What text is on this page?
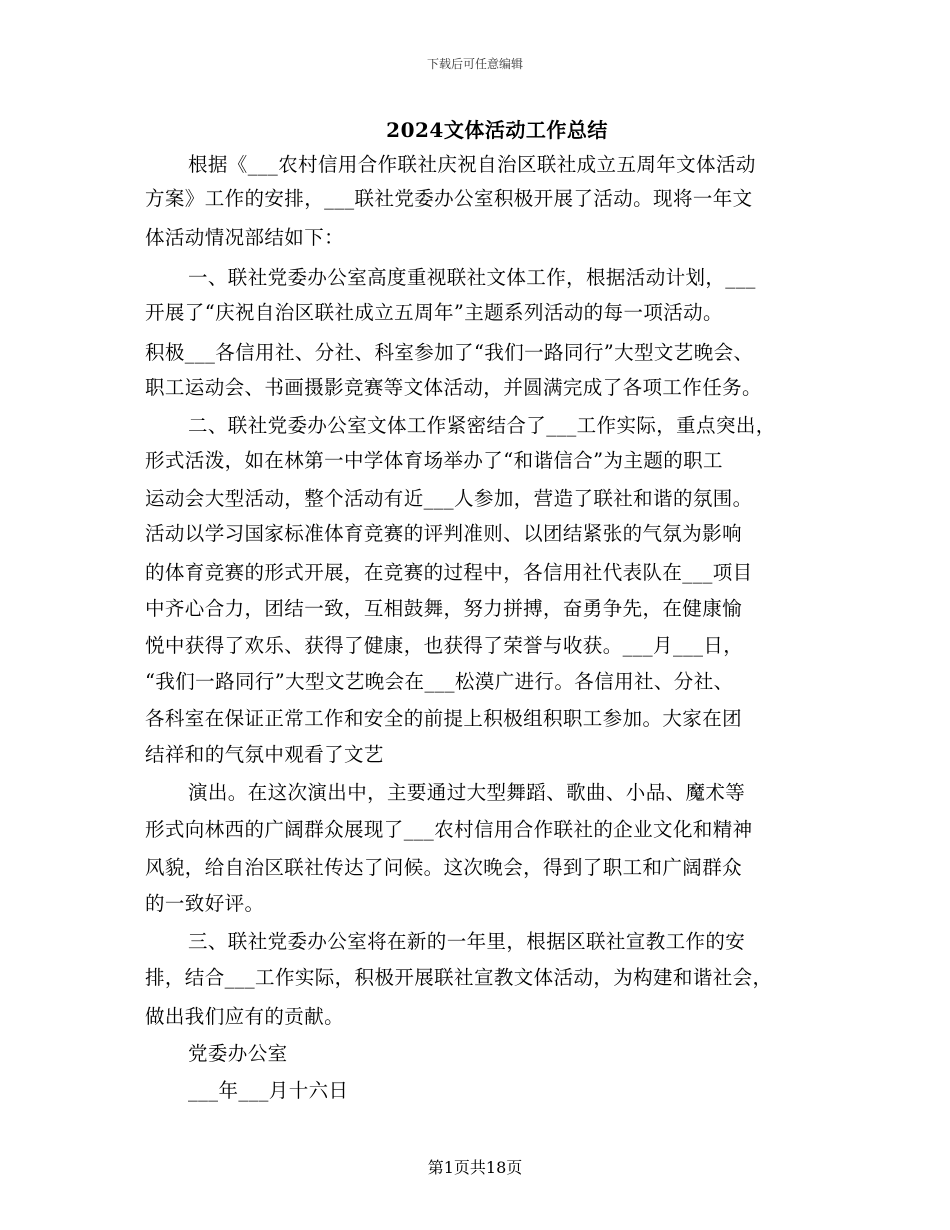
下载后可任意编辑
2024文体活动工作总结
根据《___农村信用合作联社庆祝自治区联社成立五周年文体活动
方案》工作的安排，___联社党委办公室积极开展了活动。现将一年文
体活动情况部结如下：
一、联社党委办公室高度重视联社文体工作，根据活动计划，___
开展了“庆祝自治区联社成立五周年”主题系列活动的每一项活动。
积极___各信用社、分社、科室参加了“我们一路同行”大型文艺晚会、
职工运动会、书画摄影竞赛等文体活动，并圆满完成了各项工作任务。
二、联社党委办公室文体工作紧密结合了___工作实际，重点突出，
形式活泼，如在林第一中学体育场举办了“和谐信合”为主题的职工
运动会大型活动，整个活动有近___人参加，营造了联社和谐的氛围。
活动以学习国家标准体育竞赛的评判准则、以团结紧张的气氛为影响
的体育竞赛的形式开展，在竞赛的过程中，各信用社代表队在___项目
中齐心合力，团结一致，互相鼓舞，努力拼搏，奋勇争先，在健康愉
悦中获得了欢乐、获得了健康，也获得了荣誉与收获。___月___日，
“我们一路同行”大型文艺晚会在___松漠广进行。各信用社、分社、
各科室在保证正常工作和安全的前提上积极组积职工参加。大家在团
结祥和的气氛中观看了文艺
演出。在这次演出中，主要通过大型舞蹈、歌曲、小品、魔术等
形式向林西的广阔群众展现了___农村信用合作联社的企业文化和精神
风貌，给自治区联社传达了问候。这次晚会，得到了职工和广阔群众
的一致好评。
三、联社党委办公室将在新的一年里，根据区联社宣教工作的安
排，结合___工作实际，积极开展联社宣教文体活动，为构建和谐社会，
做出我们应有的贡献。
党委办公室
___年___月十六日
第1页共18页
